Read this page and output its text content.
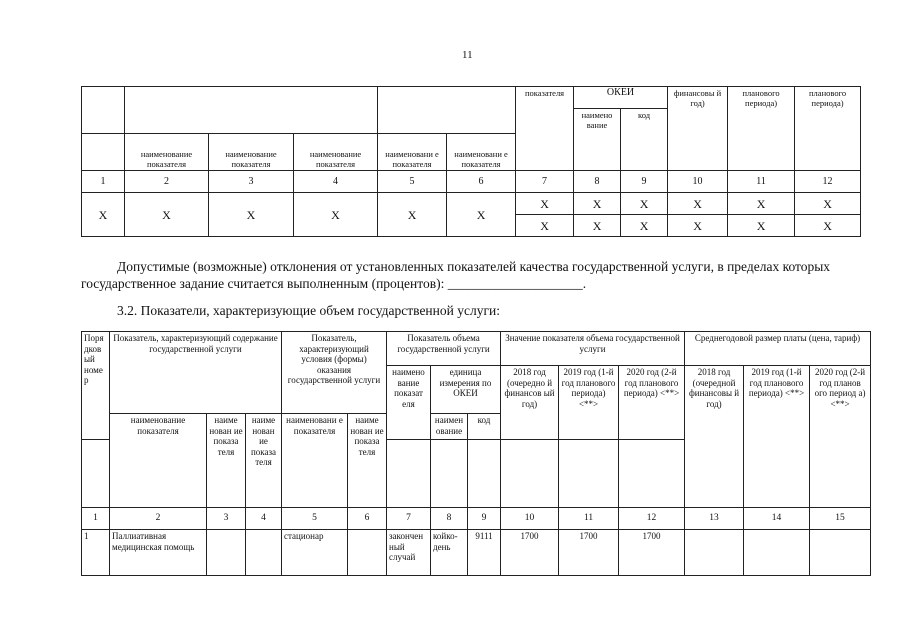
11
						показателя	ОКЕИ		финансовы й год)	планового периода)	планового периода)
							наимено вание	код			
	наименование показателя	наименование показателя	наименование показателя	наименовани е показателя	наименовани е показателя						
1	2	3	4	5	6	7	8	9	10	11	12
Х	Х	Х	Х	Х	Х	Х	Х	Х	Х	Х	Х
						Х	Х	Х	Х	Х	Х
Допустимые (возможные) отклонения от установленных показателей качества государственной услуги, в пределах которых государственное задание считается выполненным (процентов): ____________________.
3.2. Показатели, характеризующие объем государственной услуги:
Поря дков ый номе р	Показатель, характеризующий содержание государственной услуги			Показатель, характеризующий условия (формы) оказания государственной услуги		Показатель объема государственной услуги			Значение показателя объема государственной услуги			Среднегодовой размер платы (цена, тариф)		
						наимено вание показат еля	единица измерения по ОКЕИ		2018 год (очередно й финансов ый год)	2019 год (1-й год планового периода) <**>	2020 год (2-й год планового периода) <**>	2018 год (очередной финансовы й год)	2019 год (1-й год планового периода) <**>	2020 год (2-й год планов ого период а) <**>
	наименование показателя	наиме нован ие показа теля	наиме нован ие показа теля	наименовани е показателя	наиме нован ие показа теля		наимен ование	код						

1	2	3	4	5	6	7	8	9	10	11	12	13	14	15
1	Паллиативная медицинская помощь			стационар		закончен ный случай	койко- день	9111	1700	1700	1700			
